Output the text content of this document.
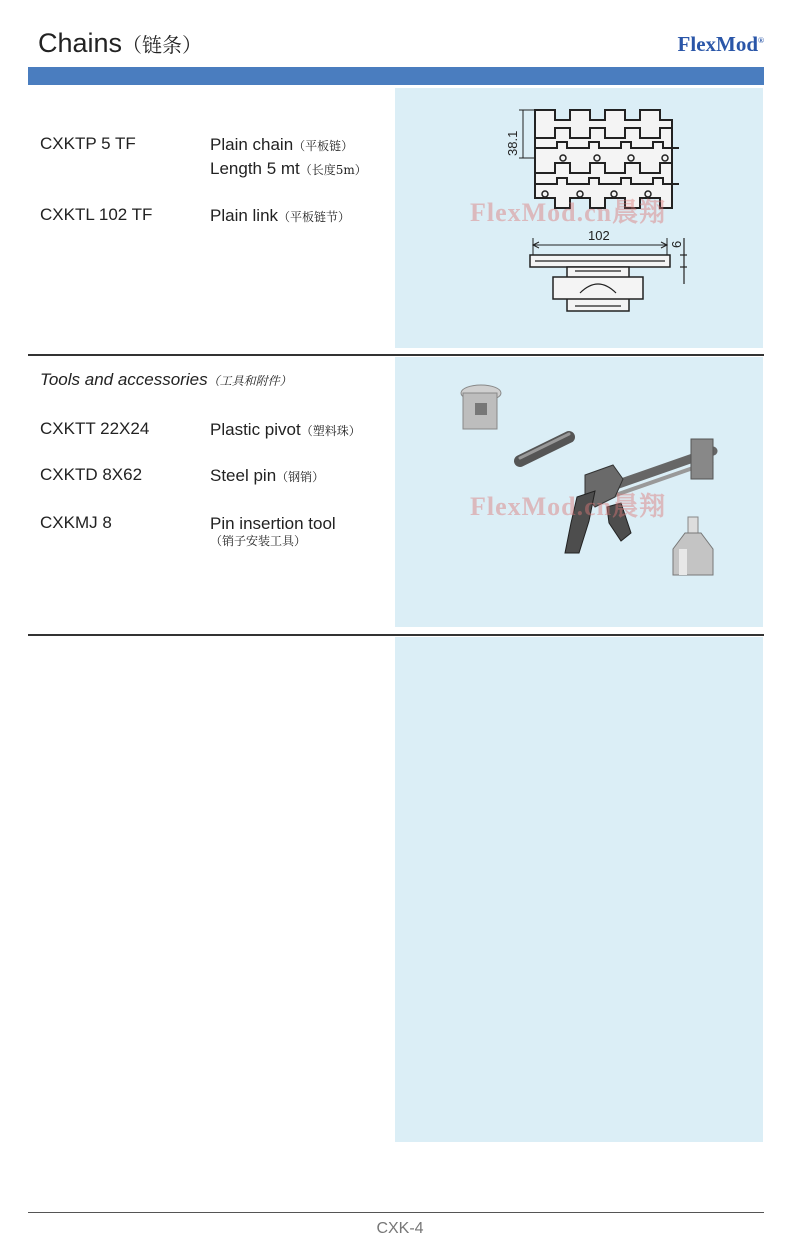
Chains（链条）	FlexMod®
38.1
102
6
FlexMod.cn晨翔
CXKTP 5 TF	Plain chain（平板链）
Length 5 mt（长度5m）
CXKTL 102 TF	Plain link（平板链节）
FlexMod.cn晨翔
Tools and accessories（工具和附件）
CXKTT 22X24	Plastic pivot（塑料珠）
CXKTD 8X62	Steel pin（钢销）
CXKMJ 8	Pin insertion tool
（销子安装工具）
CXK-4
